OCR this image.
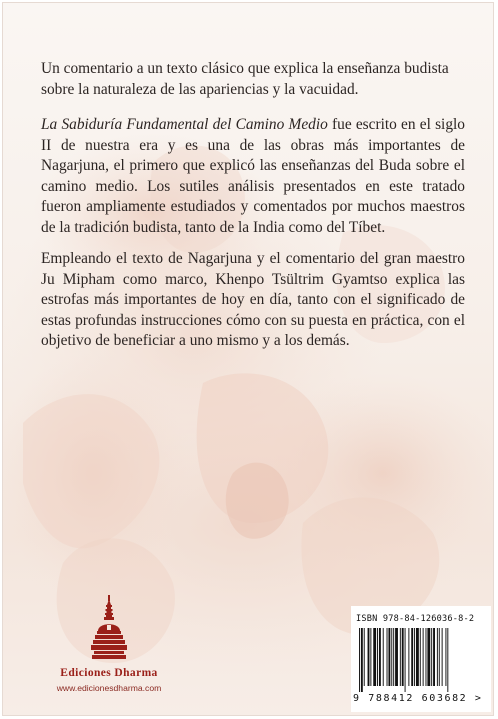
Un comentario a un texto clásico que explica la enseñanza budista sobre la naturaleza de las apariencias y la vacuidad.

La Sabiduría Fundamental del Camino Medio fue escrito en el siglo II de nuestra era y es una de las obras más importantes de Nagarjuna, el primero que explicó las enseñanzas del Buda sobre el camino medio. Los sutiles análisis presentados en este tratado fueron ampliamente estudiados y comentados por muchos maestros de la tradición budista, tanto de la India como del Tíbet.

Empleando el texto de Nagarjuna y el comentario del gran maestro Ju Mipham como marco, Khenpo Tsültrim Gyamtso explica las estrofas más importantes de hoy en día, tanto con el significado de estas profundas instrucciones cómo con su puesta en práctica, con el objetivo de beneficiar a uno mismo y a los demás.

Ediciones Dharma
www.edicionesdharma.com
ISBN 978-84-126036-8-2
9 788412 603682 >
